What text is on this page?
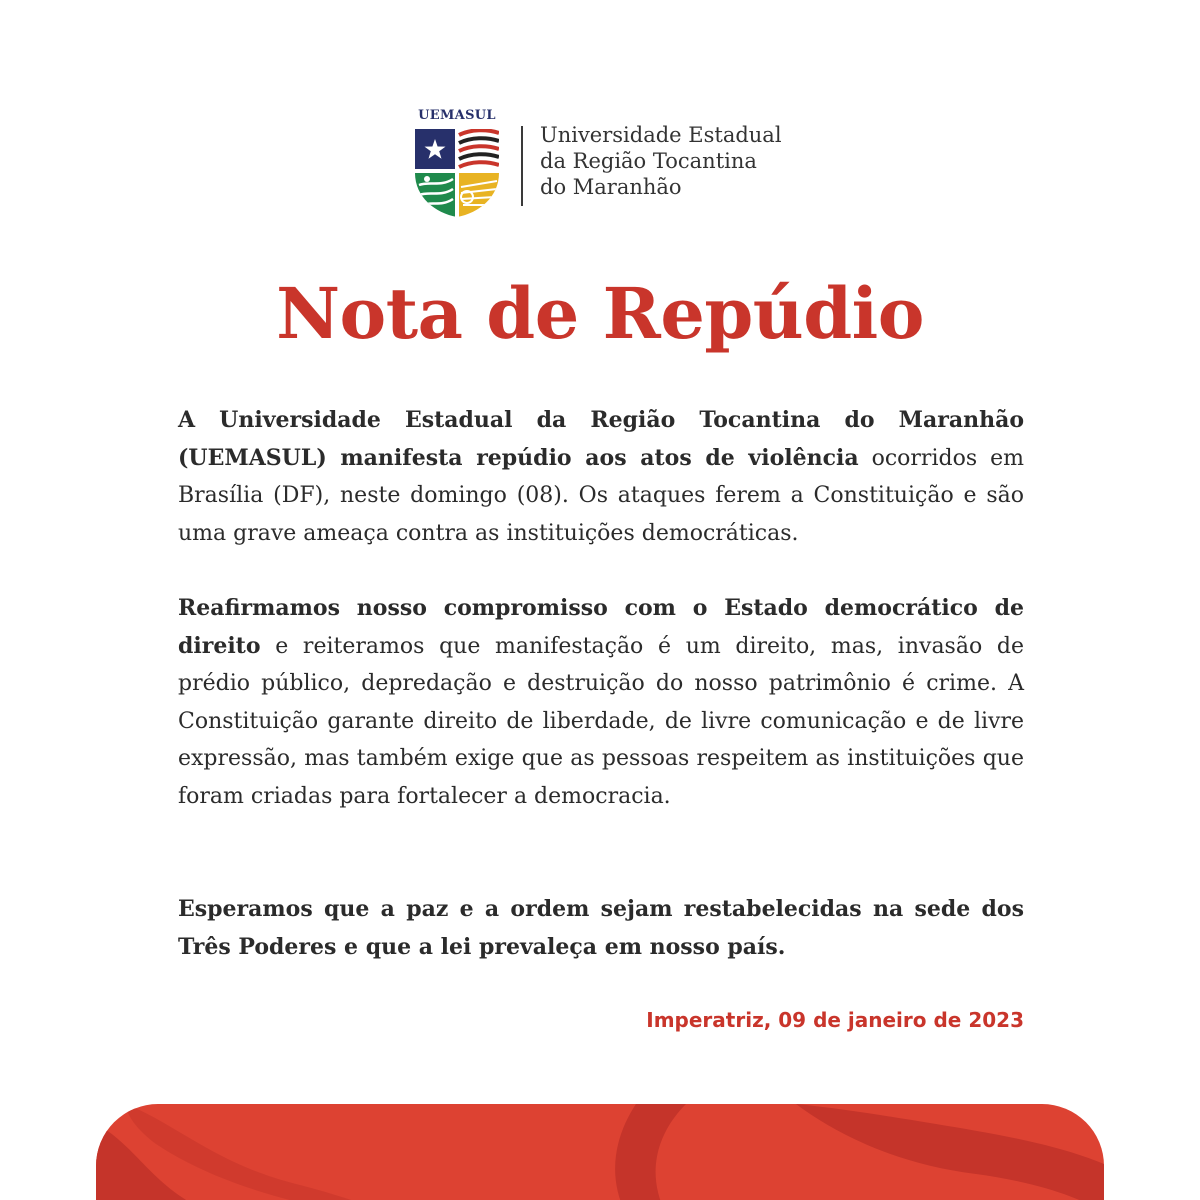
UEMASUL
Universidade Estadual
da Região Tocantina
do Maranhão
Nota de Repúdio

A Universidade Estadual da Região Tocantina do Maranhão (UEMASUL) manifesta repúdio aos atos de violência ocorridos em Brasília (DF), neste domingo (08). Os ataques ferem a Constituição e são uma grave ameaça contra as instituições democráticas.

Reafirmamos nosso compromisso com o Estado democrático de direito e reiteramos que manifestação é um direito, mas, invasão de prédio público, depredação e destruição do nosso patrimônio é crime. A Constituição garante direito de liberdade, de livre comunicação e de livre expressão, mas também exige que as pessoas respeitem as instituições que foram criadas para fortalecer a democracia.

Esperamos que a paz e a ordem sejam restabelecidas na sede dos Três Poderes e que a lei prevaleça em nosso país.

Imperatriz, 09 de janeiro de 2023
